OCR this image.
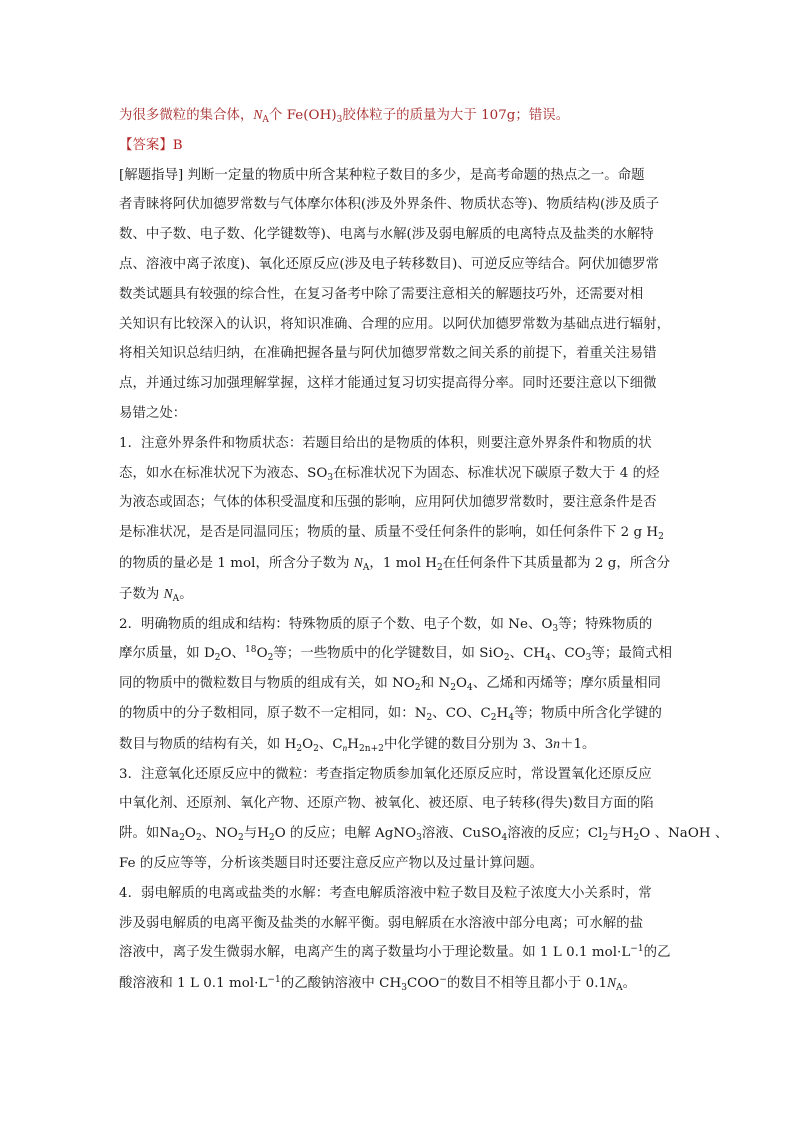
为很多微粒的集合体，$N_A$个 $Fe(OH)_3$胶体粒子的质量为大于 107g；错误。
【答案】B
[解题指导] 判断一定量的物质中所含某种粒子数目的多少，是高考命题的热点之一。命题
者青睐将阿伏加德罗常数与气体摩尔体积(涉及外界条件、物质状态等)、物质结构(涉及质子
数、中子数、电子数、化学键数等)、电离与水解(涉及弱电解质的电离特点及盐类的水解特
点、溶液中离子浓度)、氧化还原反应(涉及电子转移数目)、可逆反应等结合。阿伏加德罗常
数类试题具有较强的综合性，在复习备考中除了需要注意相关的解题技巧外，还需要对相
关知识有比较深入的认识，将知识准确、合理的应用。以阿伏加德罗常数为基础点进行辐射，
将相关知识总结归纳，在准确把握各量与阿伏加德罗常数之间关系的前提下，着重关注易错
点，并通过练习加强理解掌握，这样才能通过复习切实提高得分率。同时还要注意以下细微
易错之处：
1．注意外界条件和物质状态：若题目给出的是物质的体积，则要注意外界条件和物质的状
态，如水在标准状况下为液态、$SO_3$在标准状况下为固态、标准状况下碳原子数大于 4 的烃
为液态或固态；气体的体积受温度和压强的影响，应用阿伏加德罗常数时，要注意条件是否
是标准状况，是否是同温同压；物质的量、质量不受任何条件的影响，如任何条件下 2 g $H_2$
的物质的量必是 1 mol，所含分子数为 $N_A$，1 mol $H_2$在任何条件下其质量都为 2 g，所含分
子数为 $N_A$。
2．明确物质的组成和结构：特殊物质的原子个数、电子个数，如 Ne、$O_3$等；特殊物质的
摩尔质量，如 $D_2O$、$^{18}O_2$等；一些物质中的化学键数目，如 SiO$_2$、$CH_4$、$CO_3$等；最简式相
同的物质中的微粒数目与物质的组成有关，如 $NO_2$和 $N_2O_4$、乙烯和丙烯等；摩尔质量相同
的物质中的分子数相同，原子数不一定相同，如：$N_2$、CO、$C_2H_4$等；物质中所含化学键的
数目与物质的结构有关，如 $H_2O_2$、$C_nH_{2n+2}$中化学键的数目分别为 3、3n＋1。
3．注意氧化还原反应中的微粒：考查指定物质参加氧化还原反应时，常设置氧化还原反应
中氧化剂、还原剂、氧化产物、还原产物、被氧化、被还原、电子转移(得失)数目方面的陷
阱。如$Na_2O_2$、$NO_2$与$H_2O$ 的反应；电解 AgNO$_3$溶液、CuSO$_4$溶液的反应；$Cl_2$与$H_2O$ 、NaOH 、
Fe 的反应等等，分析该类题目时还要注意反应产物以及过量计算问题。
4．弱电解质的电离或盐类的水解：考查电解质溶液中粒子数目及粒子浓度大小关系时，常
涉及弱电解质的电离平衡及盐类的水解平衡。弱电解质在水溶液中部分电离；可水解的盐
溶液中，离子发生微弱水解，电离产生的离子数量均小于理论数量。如 1 L 0.1 $mol\cdot L^{-1}$的乙
酸溶液和 1 L 0.1 $mol\cdot L^{-1}$的乙酸钠溶液中 $CH_3COO^-$的数目不相等且都小于 $0.1N_A$。
